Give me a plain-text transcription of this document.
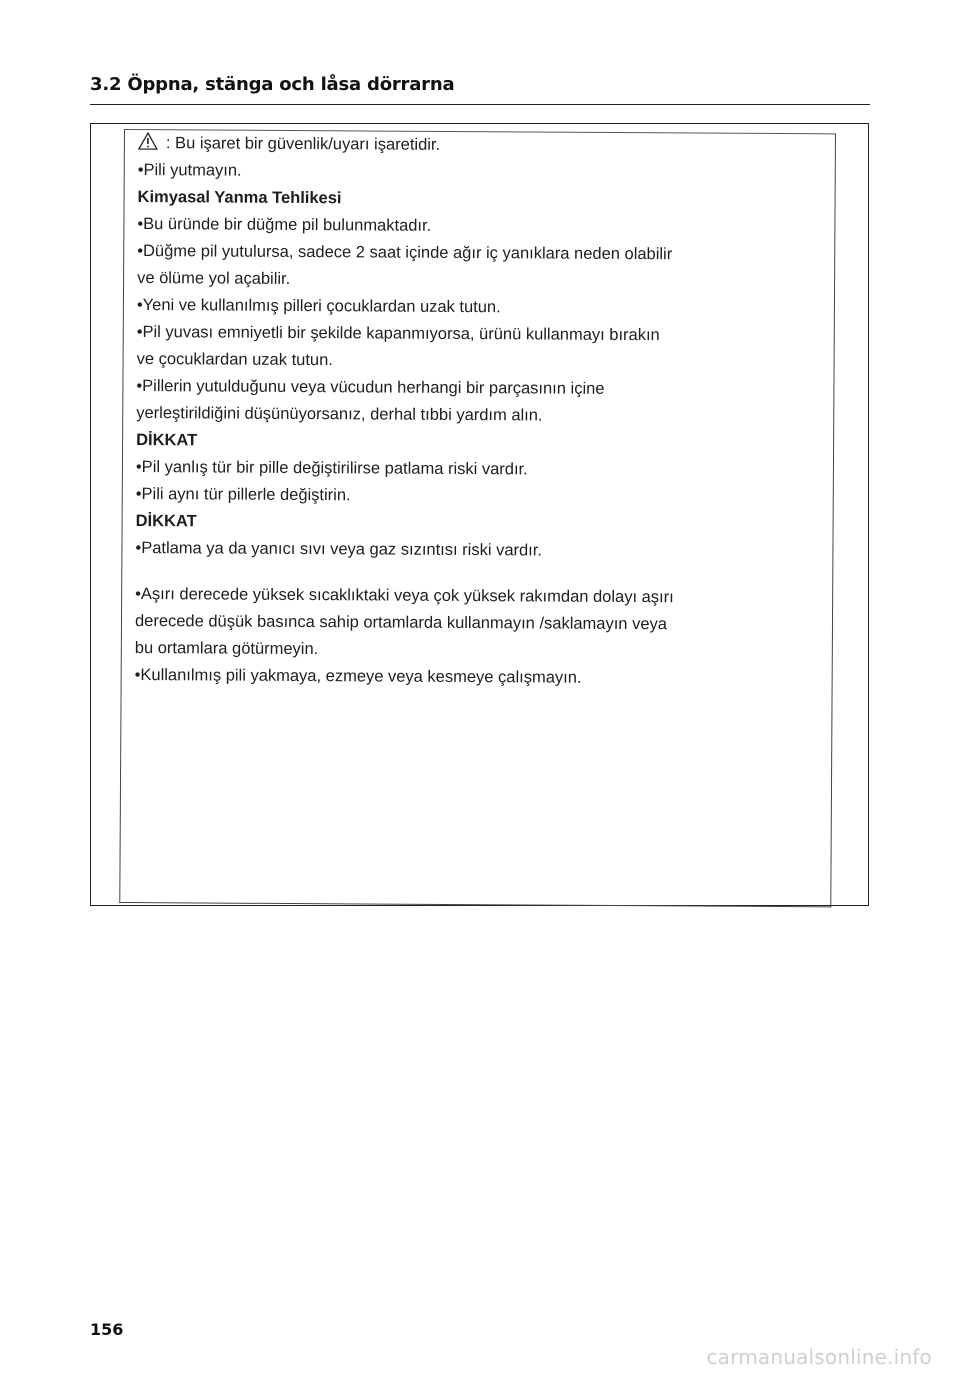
3.2 Öppna, stänga och låsa dörrarna

: Bu işaret bir güvenlik/uyarı işaretidir.

•Pili yutmayın.

Kimyasal Yanma Tehlikesi

•Bu üründe bir düğme pil bulunmaktadır.

•Düğme pil yutulursa, sadece 2 saat içinde ağır iç yanıklara neden olabilir

ve ölüme yol açabilir.

•Yeni ve kullanılmış pilleri çocuklardan uzak tutun.

•Pil yuvası emniyetli bir şekilde kapanmıyorsa, ürünü kullanmayı bırakın

ve çocuklardan uzak tutun.

•Pillerin yutulduğunu veya vücudun herhangi bir parçasının içine

yerleştirildiğini düşünüyorsanız, derhal tıbbi yardım alın.

DİKKAT

•Pil yanlış tür bir pille değiştirilirse patlama riski vardır.

•Pili aynı tür pillerle değiştirin.

DİKKAT

•Patlama ya da yanıcı sıvı veya gaz sızıntısı riski vardır.

•Aşırı derecede yüksek sıcaklıktaki veya çok yüksek rakımdan dolayı aşırı

derecede düşük basınca sahip ortamlarda kullanmayın /saklamayın veya

bu ortamlara götürmeyin.

•Kullanılmış pili yakmaya, ezmeye veya kesmeye çalışmayın.

156
carmanualsonline.info
